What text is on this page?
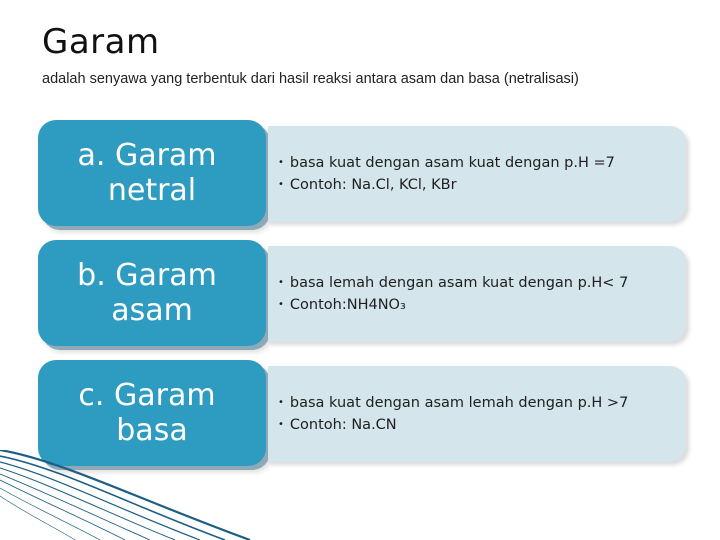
Garam
adalah senyawa yang terbentuk dari hasil reaksi antara asam dan basa (netralisasi)
a. Garam
netral
• basa kuat dengan asam kuat dengan p.H =7
• Contoh: Na.Cl, KCl, KBr
b. Garam
asam
• basa lemah dengan asam kuat dengan p.H< 7
• Contoh:NH4NO₃
c. Garam
basa
• basa kuat dengan asam lemah dengan p.H >7
• Contoh: Na.CN
